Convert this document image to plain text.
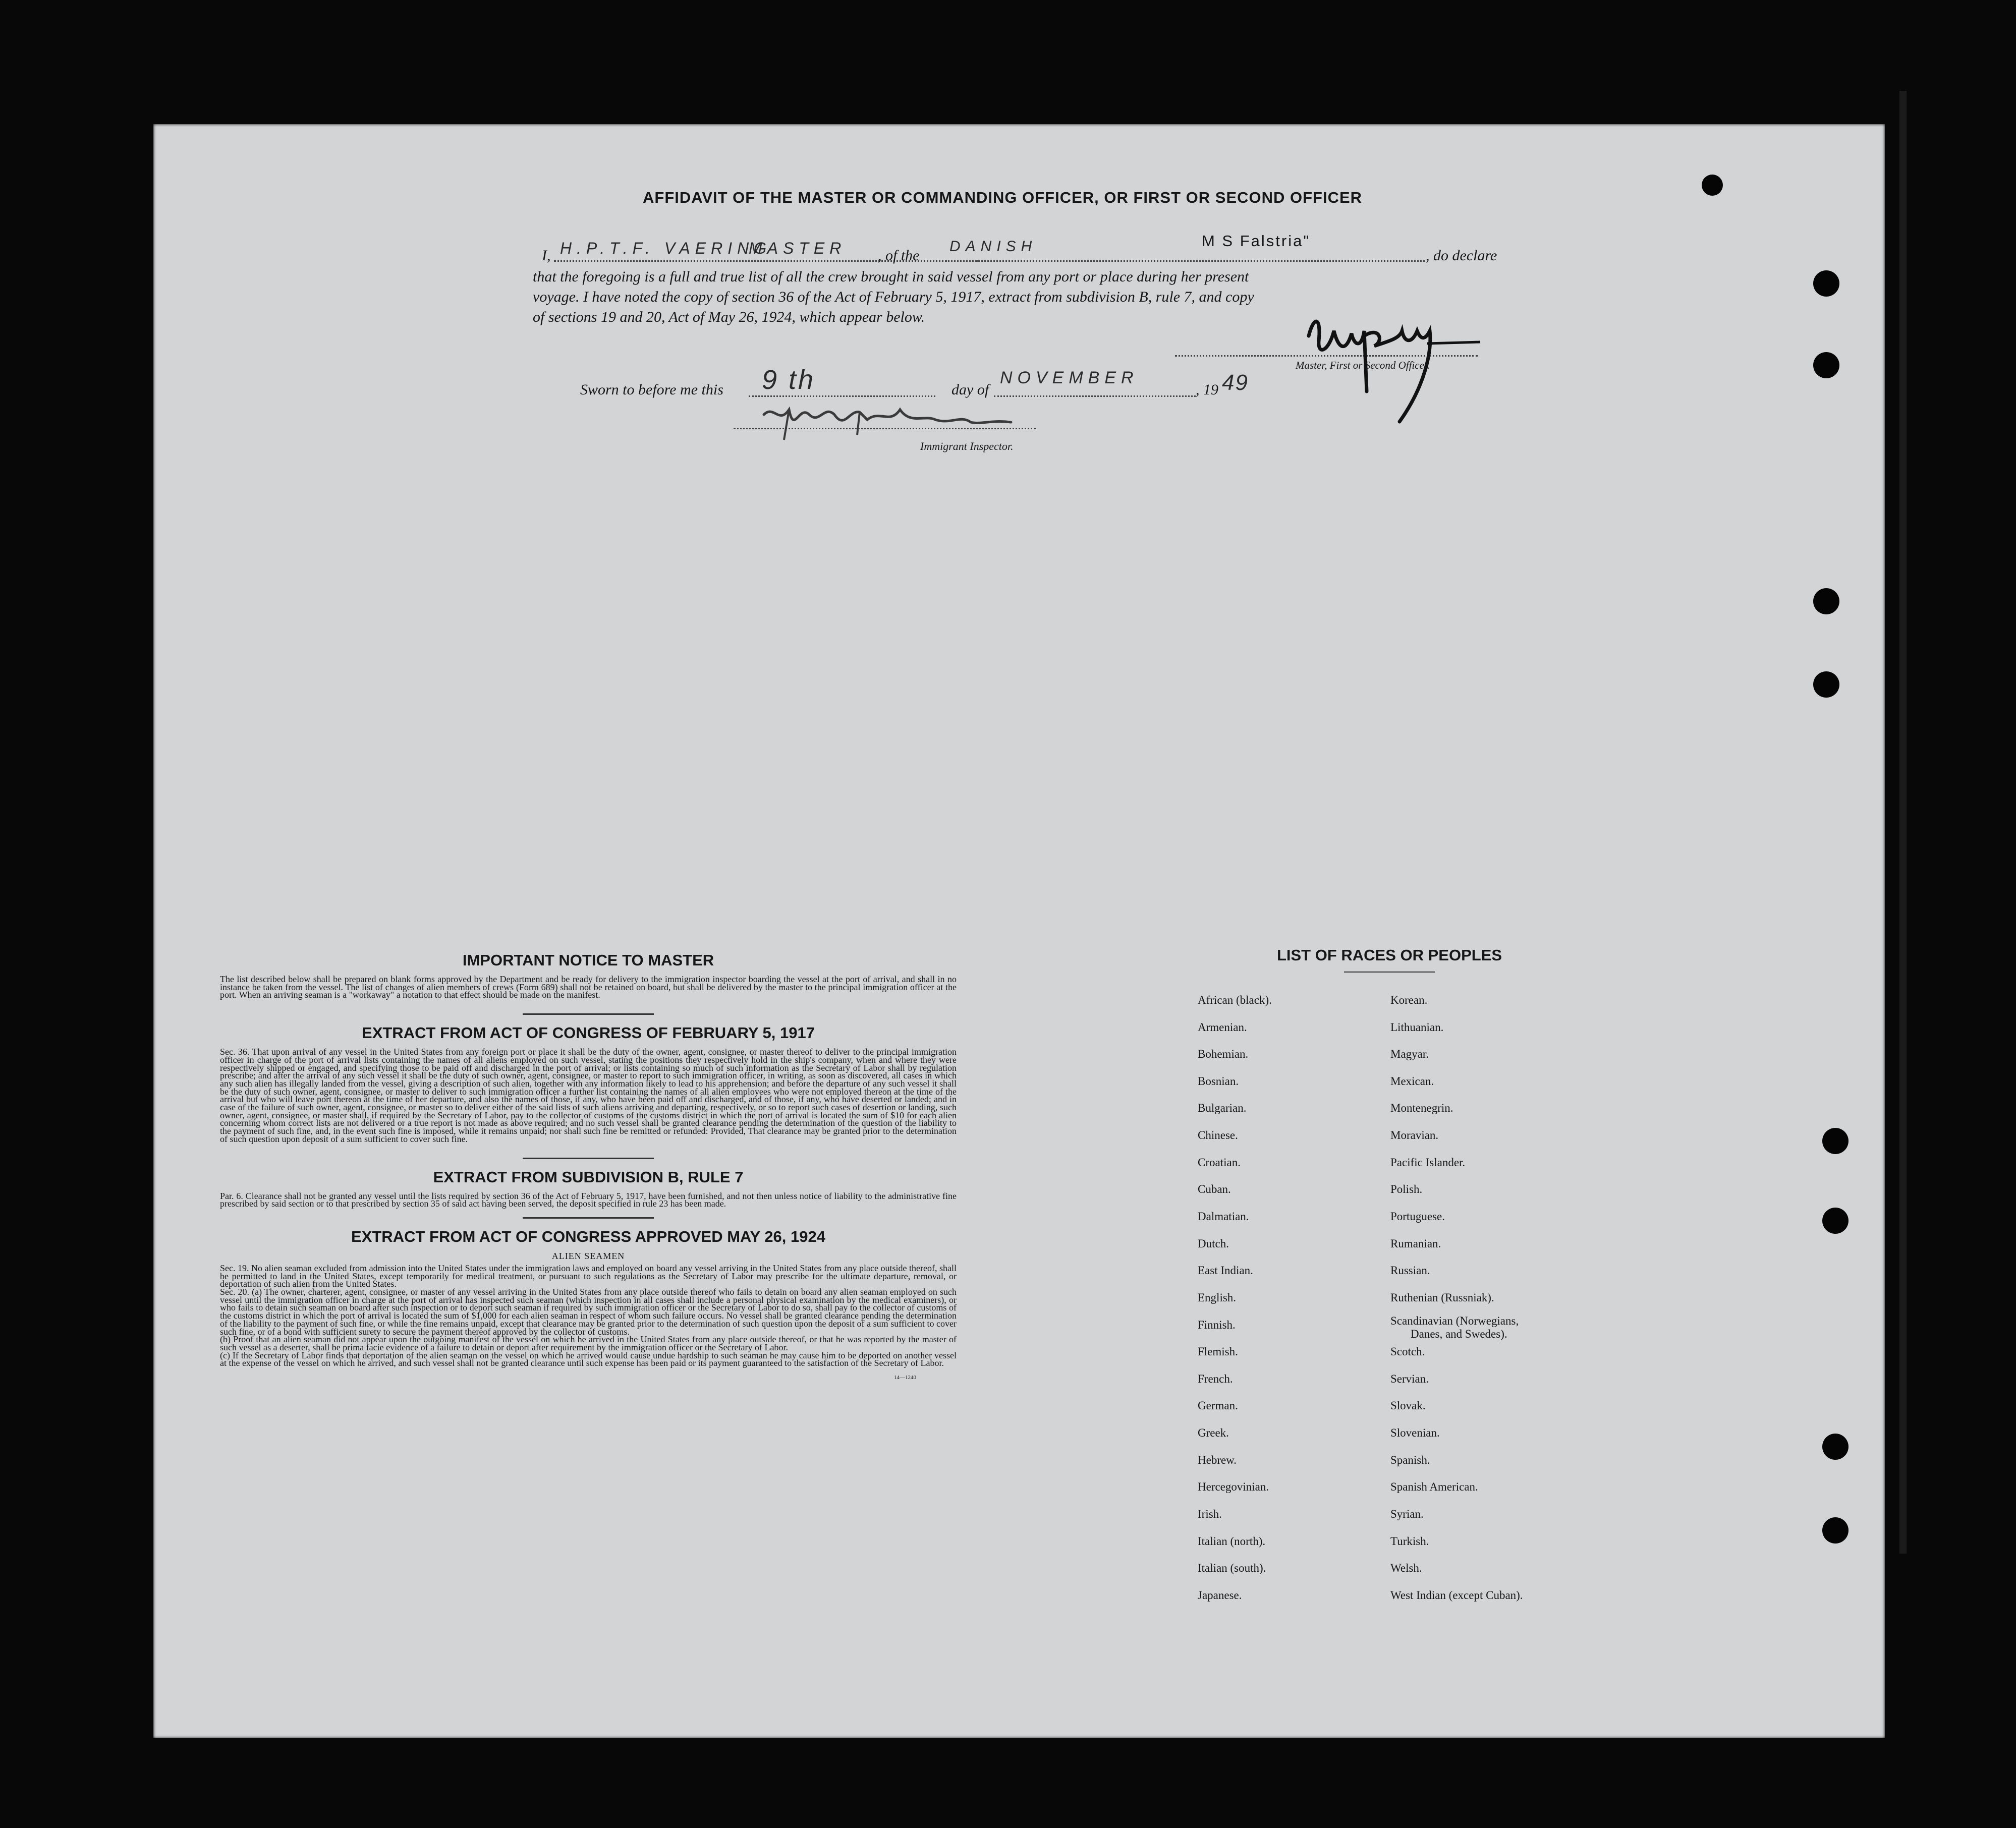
AFFIDAVIT OF THE MASTER OR COMMANDING OFFICER, OR FIRST OR SECOND OFFICER
I, H.P.T.F. VAERING
MASTER , of the
DANISH	M S Falstria"
, do declare
that the foregoing is a full and true list of all the crew brought in said vessel from any port or place during her present
voyage. I have noted the copy of section 36 of the Act of February 5, 1917, extract from subdivision B, rule 7, and copy
of sections 19 and 20, Act of May 26, 1924, which appear below.
Master, First or Second Officer.
Sworn to before me this 9 th	day of
NOVEMBER
, 19 49
Immigrant Inspector.

IMPORTANT NOTICE TO MASTER

The list described below shall be prepared on blank forms approved by the Department and be ready for delivery to the immigration inspector boarding the vessel at the port of arrival, and shall in no instance be taken from the vessel. The list of changes of alien members of crews (Form 689) shall not be retained on board, but shall be delivered by the master to the principal immigration officer at the port. When an arriving seaman is a "workaway" a notation to that effect should be made on the manifest.

EXTRACT FROM ACT OF CONGRESS OF FEBRUARY 5, 1917

Sec. 36. That upon arrival of any vessel in the United States from any foreign port or place it shall be the duty of the owner, agent, consignee, or master thereof to deliver to the principal immigration officer in charge of the port of arrival lists containing the names of all aliens employed on such vessel, stating the positions they respectively hold in the ship's company, when and where they were respectively shipped or engaged, and specifying those to be paid off and discharged in the port of arrival; or lists containing so much of such information as the Secretary of Labor shall by regulation prescribe; and after the arrival of any such vessel it shall be the duty of such owner, agent, consignee, or master to report to such immigration officer, in writing, as soon as discovered, all cases in which any such alien has illegally landed from the vessel, giving a description of such alien, together with any information likely to lead to his apprehension; and before the departure of any such vessel it shall be the duty of such owner, agent, consignee, or master to deliver to such immigration officer a further list containing the names of all alien employees who were not employed thereon at the time of the arrival but who will leave port thereon at the time of her departure, and also the names of those, if any, who have been paid off and discharged, and of those, if any, who have deserted or landed; and in case of the failure of such owner, agent, consignee, or master so to deliver either of the said lists of such aliens arriving and departing, respectively, or so to report such cases of desertion or landing, such owner, agent, consignee, or master shall, if required by the Secretary of Labor, pay to the collector of customs of the customs district in which the port of arrival is located the sum of $10 for each alien concerning whom correct lists are not delivered or a true report is not made as above required; and no such vessel shall be granted clearance pending the determination of the question of the liability to the payment of such fine, and, in the event such fine is imposed, while it remains unpaid; nor shall such fine be remitted or refunded: Provided, That clearance may be granted prior to the determination of such question upon deposit of a sum sufficient to cover such fine.

EXTRACT FROM SUBDIVISION B, RULE 7

Par. 6. Clearance shall not be granted any vessel until the lists required by section 36 of the Act of February 5, 1917, have been furnished, and not then unless notice of liability to the administrative fine prescribed by said section or to that prescribed by section 35 of said act having been served, the deposit specified in rule 23 has been made.

EXTRACT FROM ACT OF CONGRESS APPROVED MAY 26, 1924

ALIEN SEAMEN

Sec. 19. No alien seaman excluded from admission into the United States under the immigration laws and employed on board any vessel arriving in the United States from any place outside thereof, shall be permitted to land in the United States, except temporarily for medical treatment, or pursuant to such regulations as the Secretary of Labor may prescribe for the ultimate departure, removal, or deportation of such alien from the United States.

Sec. 20. (a) The owner, charterer, agent, consignee, or master of any vessel arriving in the United States from any place outside thereof who fails to detain on board any alien seaman employed on such vessel until the immigration officer in charge at the port of arrival has inspected such seaman (which inspection in all cases shall include a personal physical examination by the medical examiners), or who fails to detain such seaman on board after such inspection or to deport such seaman if required by such immigration officer or the Secretary of Labor to do so, shall pay to the collector of customs of the customs district in which the port of arrival is located the sum of $1,000 for each alien seaman in respect of whom such failure occurs. No vessel shall be granted clearance pending the determination of the liability to the payment of such fine, or while the fine remains unpaid, except that clearance may be granted prior to the determination of such question upon the deposit of a sum sufficient to cover such fine, or of a bond with sufficient surety to secure the payment thereof approved by the collector of customs.

(b) Proof that an alien seaman did not appear upon the outgoing manifest of the vessel on which he arrived in the United States from any place outside thereof, or that he was reported by the master of such vessel as a deserter, shall be prima facie evidence of a failure to detain or deport after requirement by the immigration officer or the Secretary of Labor.

(c) If the Secretary of Labor finds that deportation of the alien seaman on the vessel on which he arrived would cause undue hardship to such seaman he may cause him to be deported on another vessel at the expense of the vessel on which he arrived, and such vessel shall not be granted clearance until such expense has been paid or its payment guaranteed to the satisfaction of the Secretary of Labor.

14—1240

LIST OF RACES OR PEOPLES

African (black).
Armenian.
Bohemian.
Bosnian.
Bulgarian.
Chinese.
Croatian.
Cuban.
Dalmatian.
Dutch.
East Indian.
English.
Finnish.
Flemish.
French.
German.
Greek.
Hebrew.
Hercegovinian.
Irish.
Italian (north).
Italian (south).
Japanese.
Korean.
Lithuanian.
Magyar.
Mexican.
Montenegrin.
Moravian.
Pacific Islander.
Polish.
Portuguese.
Rumanian.
Russian.
Ruthenian (Russniak).
Scandinavian (Norwegians,
Danes, and Swedes).
Scotch.
Servian.
Slovak.
Slovenian.
Spanish.
Spanish American.
Syrian.
Turkish.
Welsh.
West Indian (except Cuban).
